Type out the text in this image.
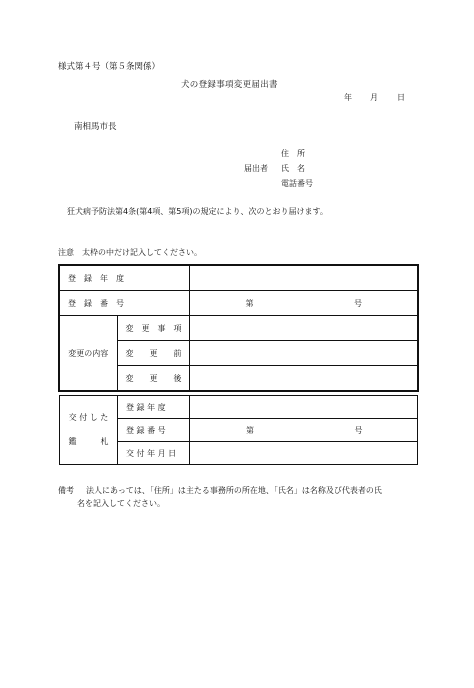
様式第４号（第５条関係）
犬の登録事項変更届出書
年 月 日
南相馬市長
住　所
届出者 氏　名
電話番号
狂犬病予防法第4条(第4項、第5項)の規定により、次のとおり届けます。
注意　太枠の中だけ記入してください。
登　録　年　度		
登　録　番　号		第 号
変更の内容	変　更　事　項	
	変　　更　　前	
	変　　更　　後	
交 付 し た
鑑　　　札	登 録 年 度	
	登 録 番 号	第 号
	交 付 年 月 日	
備考 法人にあっては、「住所」は主たる事務所の所在地、「氏名」は名称及び代表者の氏
名を記入してください。
